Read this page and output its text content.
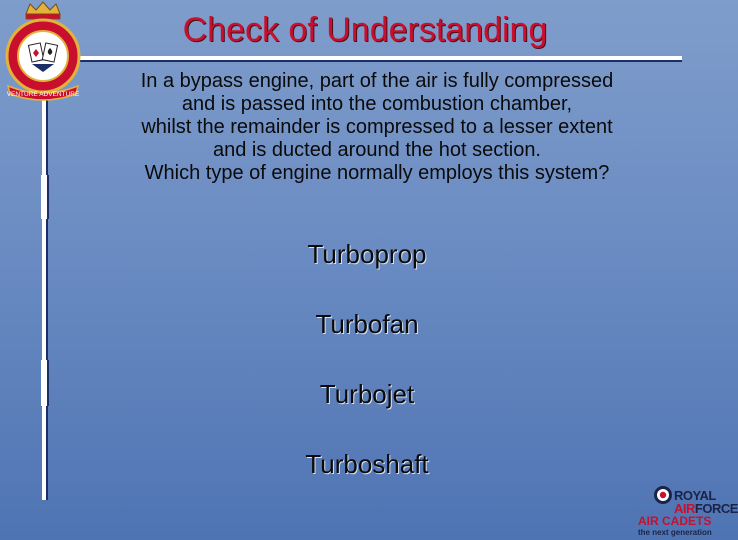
VENTURE ADVENTURE
Check of Understanding
In a bypass engine, part of the air is fully compressed
and is passed into the combustion chamber,
whilst the remainder is compressed to a lesser extent
and is ducted around the hot section.
Which type of engine normally employs this system?
Turboprop
Turbofan
Turbojet
Turboshaft
ROYAL
AIRFORCE
AIR CADETS
the next generation
